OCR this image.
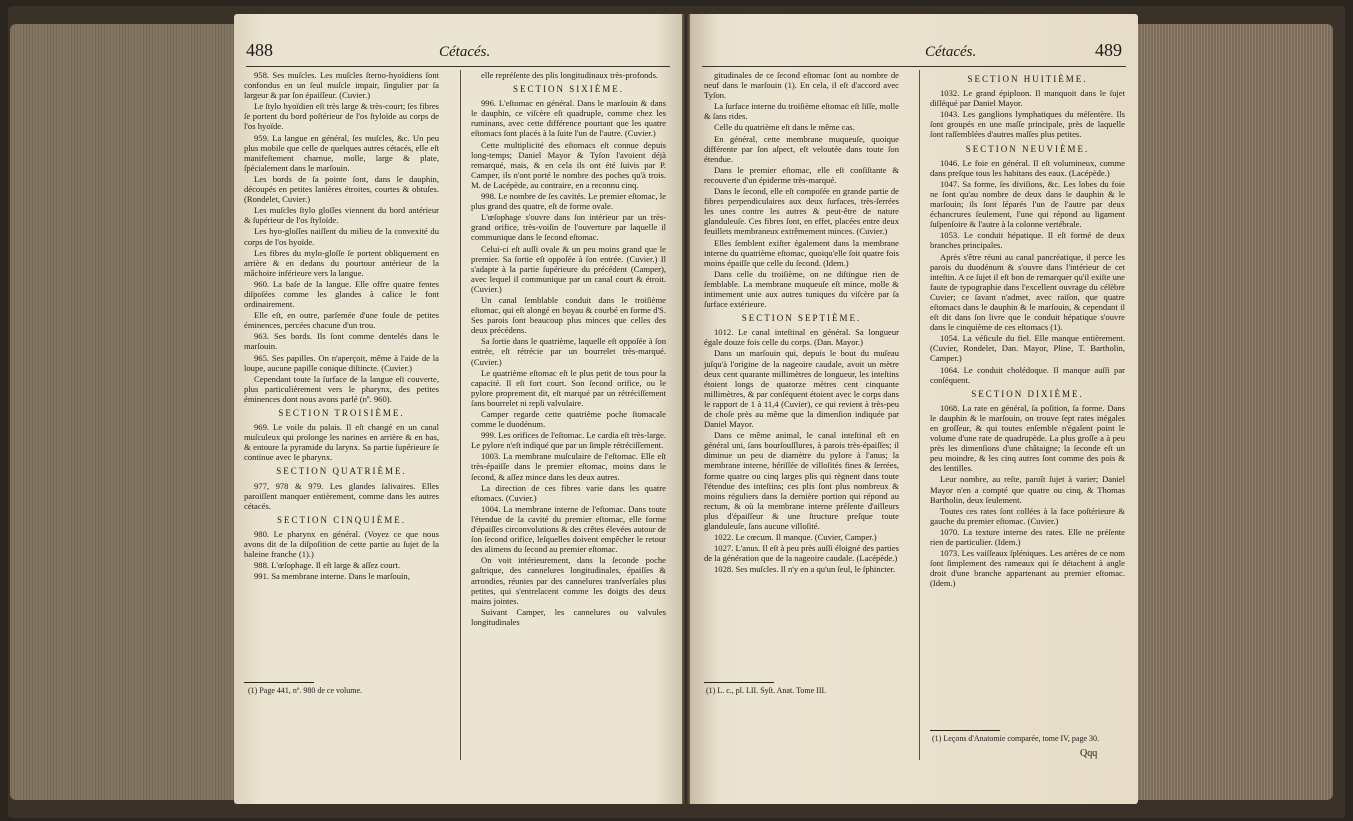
488	Cétacés.

958. Ses muſcles. Les muſcles ſterno-hyoïdiens ſont confondus en un ſeul muſcle impair, ſingulier par ſa largeur & par ſon épaiſſeur. (Cuvier.)

Le ſtylo hyoïdien eſt très large & très-court; ſes fibres ſe portent du bord poſtérieur de l'os ſtyloïde au corps de l'os hyoïde.

959. La langue en général, ſes muſcles, &c. Un peu plus mobile que celle de quelques autres cétacés, elle eſt manifeſtement charnue, molle, large & plate, ſpécialement dans le marſouin.

Les bords de ſa pointe ſont, dans le dauphin, découpés en petites lanières étroites, courtes & obtuſes. (Rondelet, Cuvier.)

Les muſcles ſtylo gloſſes viennent du bord antérieur & ſupérieur de l'os ſtyloïde.

Les hyo-gloſſes naiſſent du milieu de la convexité du corps de l'os hyoïde.

Les fibres du mylo-gloſſe ſe portent obliquement en arrière & en dedans du pourtour antérieur de la mâchoire inférieure vers la langue.

960. La baſe de la langue. Elle offre quatre fentes diſpoſées comme les glandes à calice le font ordinairement.

Elle eſt, en outre, parſemée d'une foule de petites éminences, percées chacune d'un trou.

963. Ses bords. Ils ſont comme dentelés dans le marſouin.

965. Ses papilles. On n'aperçoit, même à l'aide de la loupe, aucune papille conique diſtincte. (Cuvier.)

Cependant toute la ſurface de la langue eſt couverte, plus particulièrement vers le pharynx, des petites éminences dont nous avons parlé (nº. 960).

SECTION TROISIÈME.

969. Le voile du palais. Il eſt changé en un canal muſculeux qui prolonge les narines en arrière & en bas, & entoure la pyramide du larynx. Sa partie ſupérieure ſe continue avec le pharynx.

SECTION QUATRIÈME.

977, 978 & 979. Les glandes ſalivaires. Elles paroiſſent manquer entièrement, comme dans les autres cétacés.

SECTION CINQUIÈME.

980. Le pharynx en général. (Voyez ce que nous avons dit de la diſpoſition de cette partie au ſujet de la baleine franche (1).)

988. L'œſophage. Il eſt large & aſſez court.

991. Sa membrane interne. Dans le marſouin,

elle repréſente des plis longitudinaux très-profonds.

SECTION SIXIÈME.

996. L'eſtomac en général. Dans le marſouin & dans le dauphin, ce viſcère eſt quadruple, comme chez les ruminans, avec cette différence pourtant que les quatre eſtomacs ſont placés à la ſuite l'un de l'autre. (Cuvier.)

Cette multiplicité des eſtomacs eſt connue depuis long-temps; Daniel Mayor & Tyſon l'avoient déjà remarqué, mais, & en cela ils ont été ſuivis par P. Camper, ils n'ont porté le nombre des poches qu'à trois. M. de Lacépède, au contraire, en a reconnu cinq.

998. Le nombre de ſes cavités. Le premier eſtomac, le plus grand des quatre, eſt de forme ovale.

L'œſophage s'ouvre dans ſon intérieur par un très-grand orifice, très-voiſin de l'ouverture par laquelle il communique dans le ſecond eſtomac.

Celui-ci eſt auſſi ovale & un peu moins grand que le premier. Sa ſortie eſt oppoſée à ſon entrée. (Cuvier.) Il s'adapte à la partie ſupérieure du précédent (Camper), avec lequel il communique par un canal court & étroit. (Cuvier.)

Un canal ſemblable conduit dans le troiſième eſtomac, qui eſt alongé en boyau & courbé en forme d'S. Ses parois ſont beaucoup plus minces que celles des deux précédens.

Sa ſortie dans le quatrième, laquelle eſt oppoſée à ſon entrée, eſt rétrécie par un bourrelet très-marqué. (Cuvier.)

Le quatrième eſtomac eſt le plus petit de tous pour la capacité. Il eſt fort court. Son ſecond orifice, ou le pylore proprement dit, eſt marqué par un rétréciſſement ſans bourrelet ni repli valvulaire.

Camper regarde cette quatrième poche ſtomacale comme le duodénum.

999. Les orifices de l'eſtomac. Le cardia eſt très-large. Le pylore n'eſt indiqué que par un ſimple rétréciſſement.

1003. La membrane muſculaire de l'eſtomac. Elle eſt très-épaiſſe dans le premier eſtomac, moins dans le ſecond, & aſſez mince dans les deux autres.

La direction de ces fibres varie dans les quatre eſtomacs. (Cuvier.)

1004. La membrane interne de l'eſtomac. Dans toute l'étendue de la cavité du premier eſtomac, elle forme d'épaiſſes circonvolutions & des crêtes élevées autour de ſon ſecond orifice, leſquelles doivent empêcher le retour des alimens du ſecond au premier eſtomac.

On voit intérieurement, dans la ſeconde poche gaſtrique, des cannelures longitudinales, épaiſſes & arrondies, réunies par des cannelures tranſverſales plus petites, qui s'entrelacent comme les doigts des deux mains jointes.

Suivant Camper, les cannelures ou valvules longitudinales

(1) Page 441, nº. 980 de ce volume.
Cétacés.	489

gitudinales de ce ſecond eſtomac ſont au nombre de neuf dans le marſouin (1). En cela, il eſt d'accord avec Tyſon.

La ſurface interne du troiſième eſtomac eſt liſſe, molle & ſans rides.

Celle du quatrième eſt dans le même cas.

En général, cette membrane muqueuſe, quoique différente par ſon aſpect, eſt veloutée dans toute ſon étendue.

Dans le premier eſtomac, elle eſt conſiſtante & recouverte d'un épiderme très-marqué.

Dans le ſecond, elle eſt compoſée en grande partie de fibres perpendiculaires aux deux ſurfaces, très-ſerrées les unes contre les autres & peut-être de nature glanduleuſe. Ces fibres ſont, en effet, placées entre deux feuillets membraneux extrêmement minces. (Cuvier.)

Elles ſemblent exiſter également dans la membrane interne du quatrième eſtomac, quoiqu'elle ſoit quatre fois moins épaiſſe que celle du ſecond. (Idem.)

Dans celle du troiſième, on ne diſtingue rien de ſemblable. La membrane muqueuſe eſt mince, molle & intimement unie aux autres tuniques du viſcère par ſa ſurface extérieure.

SECTION SEPTIÈME.

1012. Le canal inteſtinal en général. Sa longueur égale douze fois celle du corps. (Dan. Mayor.)

Dans un marſouin qui, depuis le bout du muſeau juſqu'à l'origine de la nageoire caudale, avoit un mètre deux cent quarante millimètres de longueur, les inteſtins étoient longs de quatorze mètres cent cinquante millimètres, & par conſéquent étoient avec le corps dans le rapport de 1 à 11,4 (Cuvier), ce qui revient à très-peu de choſe près au même que la dimenſion indiquée par Daniel Mayor.

Dans ce même animal, le canal inteſtinal eſt en général uni, ſans bourſouſſlures, à parois très-épaiſſes; il diminue un peu de diamètre du pylore à l'anus; la membrane interne, hériſſée de villoſités fines & ſerrées, forme quatre ou cinq larges plis qui règnent dans toute l'étendue des inteſtins; ces plis ſont plus nombreux & moins réguliers dans la dernière portion qui répond au rectum, & où la membrane interne préſente d'ailleurs plus d'épaiſſeur & une ſtructure preſque toute glanduleuſe, ſans aucune villoſité.

1022. Le cœcum. Il manque. (Cuvier, Camper.)

1027. L'anus. Il eſt à peu près auſſi éloigné des parties de la génération que de la nageoire caudale. (Lacépède.)

1028. Ses muſcles. Il n'y en a qu'un ſeul, le ſphincter.

SECTION HUITIÈME.

1032. Le grand épiploon. Il manquoit dans le ſujet diſſéqué par Daniel Mayor.

1043. Les ganglions lymphatiques du méſentère. Ils ſont groupés en une maſſe principale, près de laquelle ſont raſſemblées d'autres maſſes plus petites.

SECTION NEUVIÈME.

1046. Le foie en général. Il eſt volumineux, comme dans preſque tous les habitans des eaux. (Lacépède.)

1047. Sa forme, ſes diviſions, &c. Les lobes du foie ne ſont qu'au nombre de deux dans le dauphin & le marſouin; ils ſont ſéparés l'un de l'autre par deux échancrures ſeulement, l'une qui répond au ligament ſuſpenſoire & l'autre à la colonne vertébrale.

1053. Le conduit hépatique. Il eſt formé de deux branches principales.

Après s'être réuni au canal pancréatique, il perce les parois du duodénum & s'ouvre dans l'intérieur de cet inteſtin. A ce ſujet il eſt bon de remarquer qu'il exiſte une faute de typographie dans l'excellent ouvrage du célèbre Cuvier; ce ſavant n'admet, avec raiſon, que quatre eſtomacs dans le dauphin & le marſouin, & cependant il eſt dit dans ſon livre que le conduit hépatique s'ouvre dans le cinquième de ces eſtomacs (1).

1054. La véſicule du fiel. Elle manque entièrement. (Cuvier, Rondelet, Dan. Mayor, Pline, T. Bartholin, Camper.)

1064. Le conduit cholédoque. Il manque auſſi par conſéquent.

SECTION DIXIÈME.

1068. La rate en général, ſa poſition, ſa forme. Dans le dauphin & le marſouin, on trouve ſept rates inégales en groſſeur, & qui toutes enſemble n'égalent point le volume d'une rate de quadrupède. La plus groſſe a à peu près les dimenſions d'une châtaigne; la ſeconde eſt un peu moindre, & les cinq autres ſont comme des pois & des lentilles.

Leur nombre, au reſte, paroît ſujet à varier; Daniel Mayor n'en a compté que quatre ou cinq, & Thomas Bartholin, deux ſeulement.

Toutes ces rates ſont collées à la face poſtérieure & gauche du premier eſtomac. (Cuvier.)

1070. La texture interne des rates. Elle ne préſente rien de particulier. (Idem.)

1073. Les vaiſſeaux ſpléniques. Les artères de ce nom ſont ſimplement des rameaux qui ſe détachent à angle droit d'une branche appartenant au premier eſtomac. (Idem.)

(1) L. c., pl. LII. Syſt. Anat. Tome III.
(1) Leçons d'Anatomie comparée, tome IV, page 30.
Qqq
